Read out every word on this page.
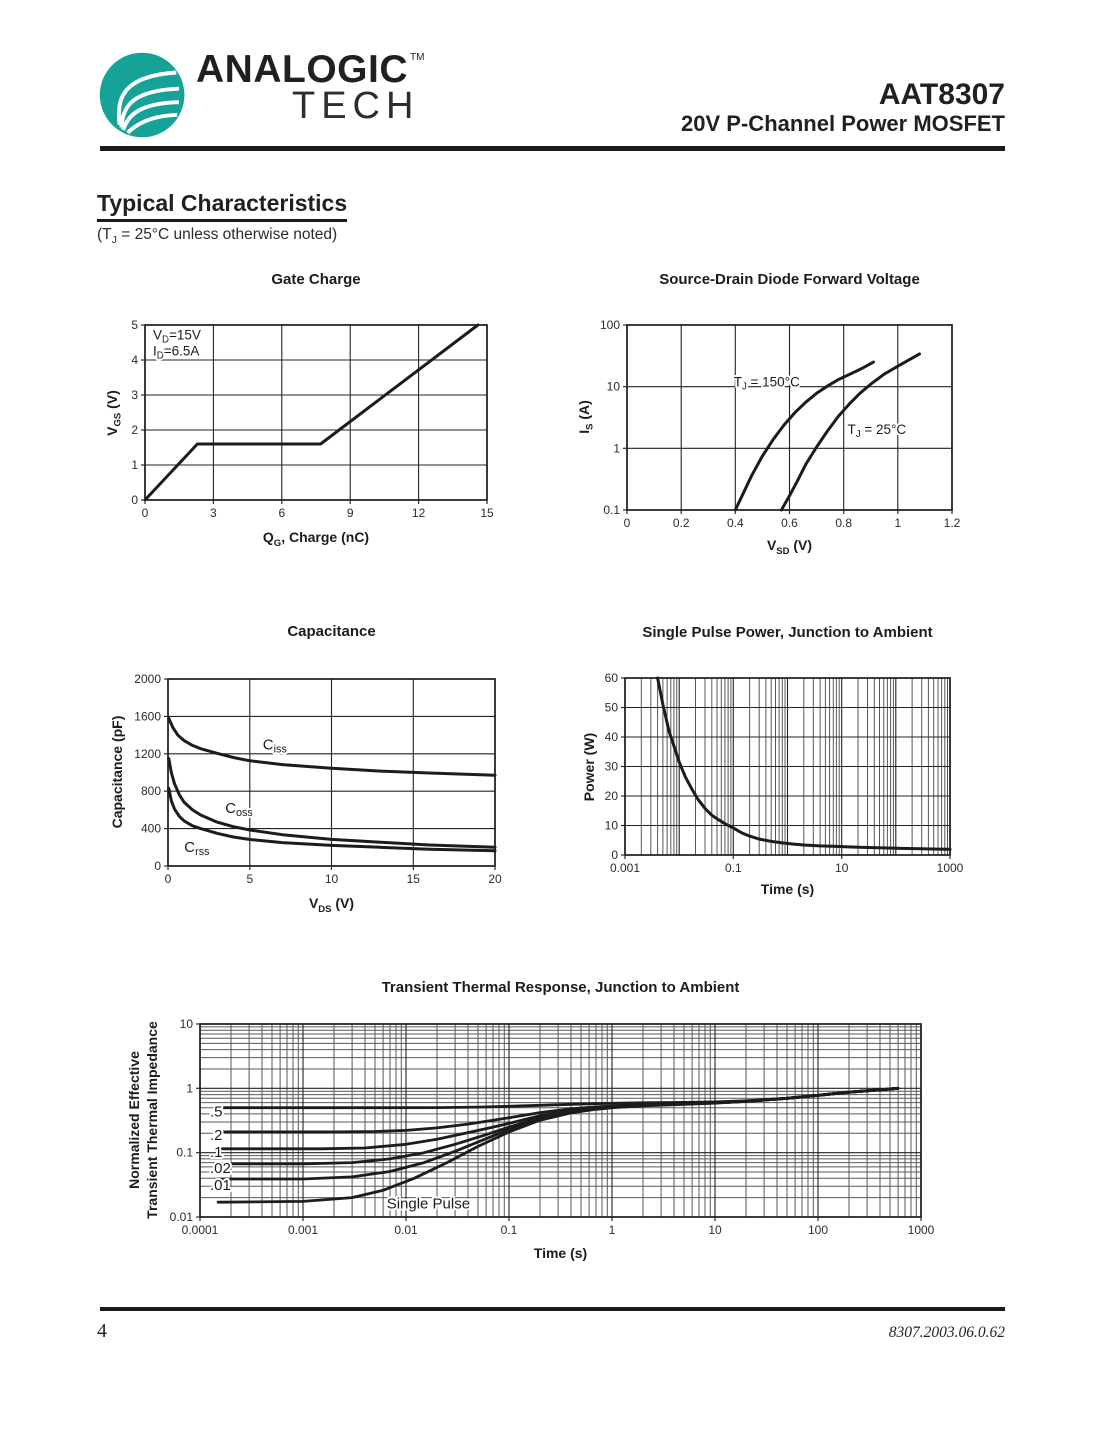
ANALOGIC TM
TECH	AAT8307
20V P-Channel Power MOSFET
Typical Characteristics
($T_J = 25^\circ C$ unless otherwise noted)
Gate Charge	Source-Drain Diode Forward Voltage
Capacitance	Single Pulse Power, Junction to Ambient
Transient Thermal Response, Junction to Ambient
0	3	6	9	12	15
0
1
2
3
4
5
$V_D=15V$
$I_D=6.5A$
0	0.2	0.4	0.6	0.8	1	1.2
0.1
1
10
100
$T_J = 150^\circ C$
$T_J = 25^\circ C$
0	5	10	15	20
0
400
800
1200
1600
2000
$C_{iss}$
$C_{oss}$
$C_{rss}$
0.001	0.1	10	1000
0
10
20
30
40
50
60
0.0001	0.001	0.01	0.1	1	10	100	1000
0.01
0.1
1
10
.5
.2
.1
.02
.01
Single Pulse
$Q_G$, Charge (nC)	$V_{SD}$ (V)
$V_{DS}$ (V)
Time (s)
Time (s)
$V_{GS}$ (V)
$I_S$ (A)
Capacitance (pF)	Power (W)
Normalized Effective Transient Thermal Impedance
4	8307.2003.06.0.62
